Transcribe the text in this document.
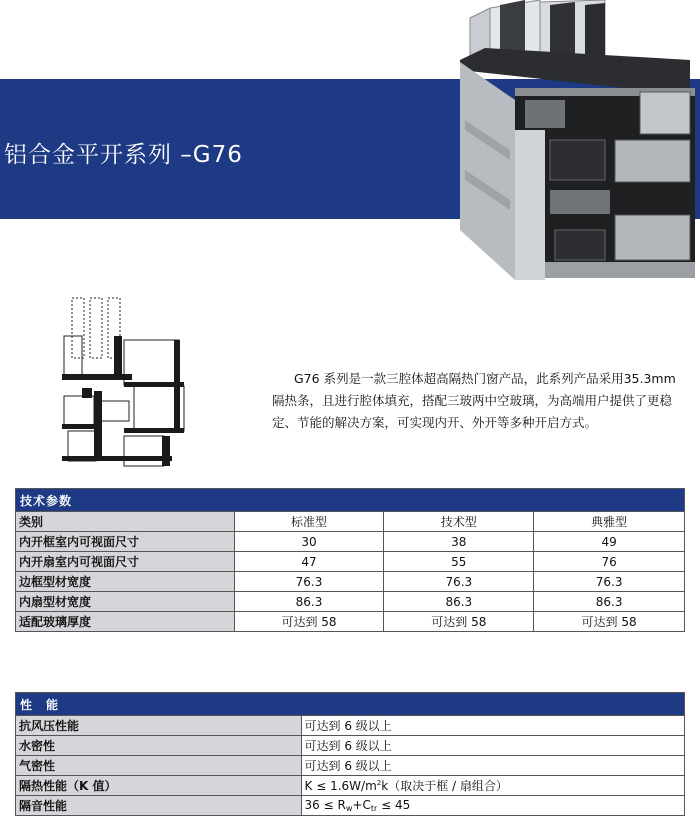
铝合金平开系列 –G76

G76 系列是一款三腔体超高隔热门窗产品，此系列产品采用35.3mm 隔热条，且进行腔体填充，搭配三玻两中空玻璃，为高端用户提供了更稳定、节能的解决方案，可实现内开、外开等多种开启方式。

技术参数			
类别	标准型	技术型	典雅型
内开框室内可视面尺寸	30	38	49
内开扇室内可视面尺寸	47	55	76
边框型材宽度	76.3	76.3	76.3
内扇型材宽度	86.3	86.3	86.3
适配玻璃厚度	可达到 58	可达到 58	可达到 58
性　能	
抗风压性能	可达到 6 级以上
水密性	可达到 6 级以上
气密性	可达到 6 级以上
隔热性能（K 值）	$K \le 1.6W/m^2k$（取决于框 / 扇组合）
隔音性能	$36 \le R_w+C_{tr} \le 45$
